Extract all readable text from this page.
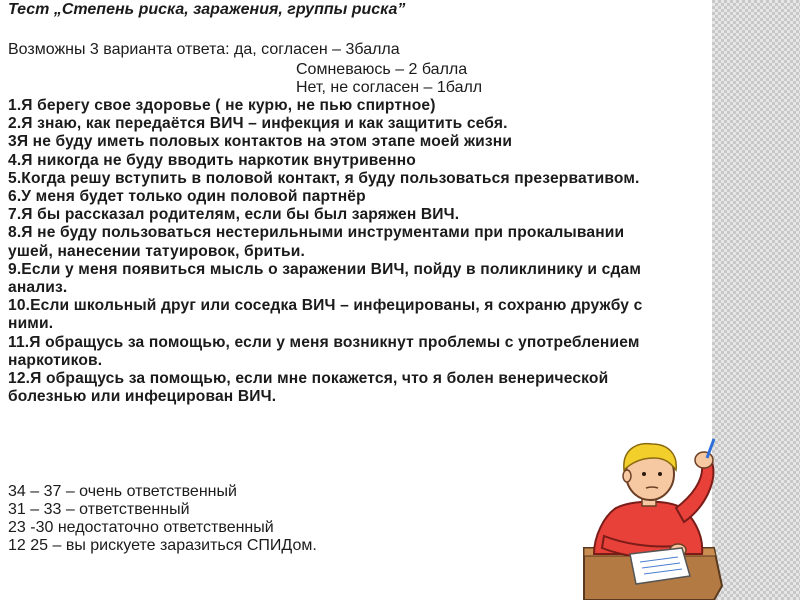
Тест „Степень риска, заражения, группы риска”
Возможны 3 варианта ответа: да, согласен – 3балла
Сомневаюсь – 2 балла
Нет, не согласен – 1балл
1.Я берегу свое здоровье ( не курю, не пью спиртное)
2.Я знаю, как передаётся ВИЧ – инфекция и как защитить себя.
3Я не буду иметь половых контактов на этом этапе моей жизни
4.Я никогда не буду вводить наркотик внутривенно
5.Когда решу вступить в половой контакт, я буду пользоваться презервативом.
6.У меня будет только один половой партнёр
7.Я бы рассказал родителям, если бы был заряжен ВИЧ.
8.Я не буду пользоваться нестерильными инструментами при прокалывании ушей, нанесении татуировок, бритьи.
9.Если у меня появиться мысль о заражении ВИЧ, пойду в поликлинику и сдам анализ.
10.Если школьный друг или соседка ВИЧ – инфецированы, я сохраню дружбу с ними.
11.Я обращусь за помощью, если у меня возникнут проблемы с употреблением наркотиков.
12.Я обращусь за помощью, если мне покажется, что я болен венерической болезнью или инфецирован ВИЧ.
34 – 37 – очень ответственный
31 – 33 – ответственный
23 -30 недостаточно ответственный
12 25 – вы рискуете заразиться СПИДом.
